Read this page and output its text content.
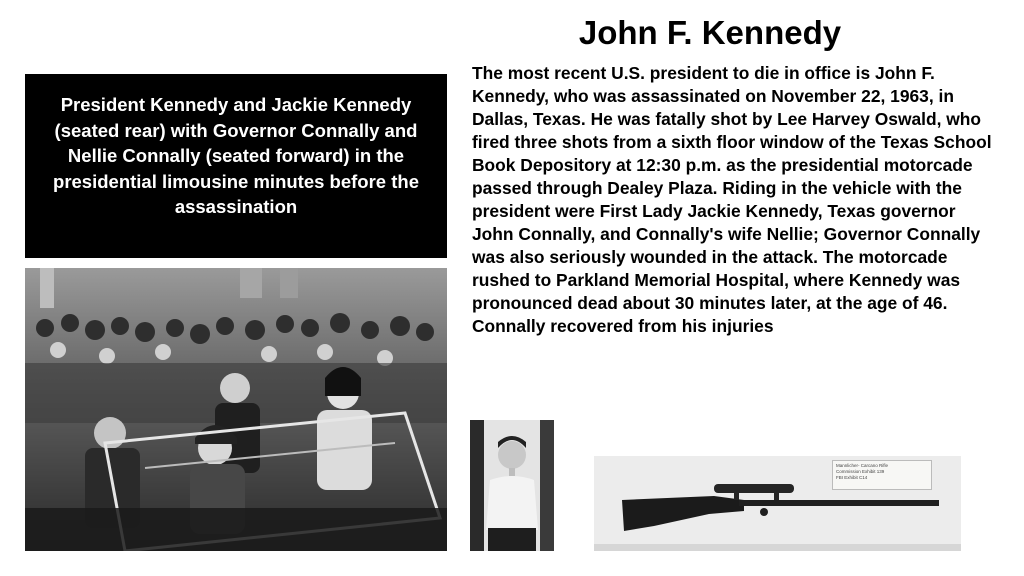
John F. Kennedy
President Kennedy and Jackie Kennedy (seated rear) with Governor Connally and Nellie Connally (seated forward) in the presidential limousine minutes before the assassination
The most recent U.S. president to die in office is John F. Kennedy, who was assassinated on November 22, 1963, in Dallas, Texas. He was fatally shot by Lee Harvey Oswald, who fired three shots from a sixth floor window of the Texas School Book Depository at 12:30 p.m. as the presidential motorcade passed through Dealey Plaza. Riding in the vehicle with the president were First Lady Jackie Kennedy, Texas governor John Connally, and Connally's wife Nellie; Governor Connally was also seriously wounded in the attack. The motorcade rushed to Parkland Memorial Hospital, where Kennedy was pronounced dead about 30 minutes later, at the age of 46. Connally recovered from his injuries
Mannlicher- Carcano Rifle
Commission Exhibit 139
FBI Exhibit C14
